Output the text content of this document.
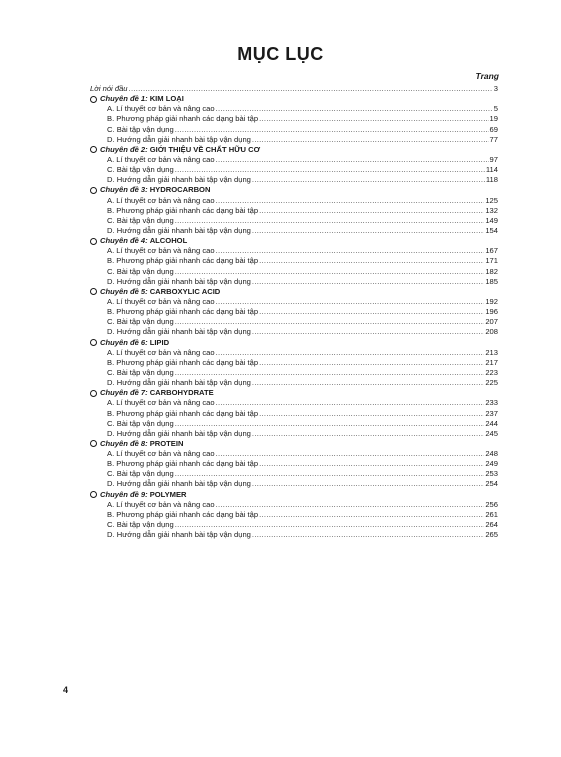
MỤC LỤC
Trang
Lời nói đầu .....	3
Chuyên đề 1: KIM LOẠI
A. Lí thuyết cơ bản và nâng cao .....	5
B. Phương pháp giải nhanh các dạng bài tập .....	19
C. Bài tập vận dụng .....	69
D. Hướng dẫn giải nhanh bài tập vận dụng .....	77
Chuyên đề 2: GIỚI THIỆU VỀ CHẤT HỮU CƠ
A. Lí thuyết cơ bản và nâng cao .....	97
C. Bài tập vận dụng .....	114
D. Hướng dẫn giải nhanh bài tập vận dụng .....	118
Chuyên đề 3: HYDROCARBON
A. Lí thuyết cơ bản và nâng cao .....	125
B. Phương pháp giải nhanh các dạng bài tập .....	132
C. Bài tập vận dụng .....	149
D. Hướng dẫn giải nhanh bài tập vận dụng .....	154
Chuyên đề 4: ALCOHOL
A. Lí thuyết cơ bản và nâng cao .....	167
B. Phương pháp giải nhanh các dạng bài tập .....	171
C. Bài tập vận dụng .....	182
D. Hướng dẫn giải nhanh bài tập vận dụng .....	185
Chuyên đề 5: CARBOXYLIC ACID
A. Lí thuyết cơ bản và nâng cao .....	192
B. Phương pháp giải nhanh các dạng bài tập .....	196
C. Bài tập vận dụng .....	207
D. Hướng dẫn giải nhanh bài tập vận dụng .....	208
Chuyên đề 6: LIPID
A. Lí thuyết cơ bản và nâng cao .....	213
B. Phương pháp giải nhanh các dạng bài tập .....	217
C. Bài tập vận dụng .....	223
D. Hướng dẫn giải nhanh bài tập vận dụng .....	225
Chuyên đề 7: CARBOHYDRATE
A. Lí thuyết cơ bản và nâng cao .....	233
B. Phương pháp giải nhanh các dạng bài tập .....	237
C. Bài tập vận dụng .....	244
D. Hướng dẫn giải nhanh bài tập vận dụng .....	245
Chuyên đề 8: PROTEIN
A. Lí thuyết cơ bản và nâng cao .....	248
B. Phương pháp giải nhanh các dạng bài tập .....	249
C. Bài tập vận dụng .....	253
D. Hướng dẫn giải nhanh bài tập vận dụng .....	254
Chuyên đề 9: POLYMER
A. Lí thuyết cơ bản và nâng cao .....	256
B. Phương pháp giải nhanh các dạng bài tập .....	261
C. Bài tập vận dụng .....	264
D. Hướng dẫn giải nhanh bài tập vận dụng .....	265
4
